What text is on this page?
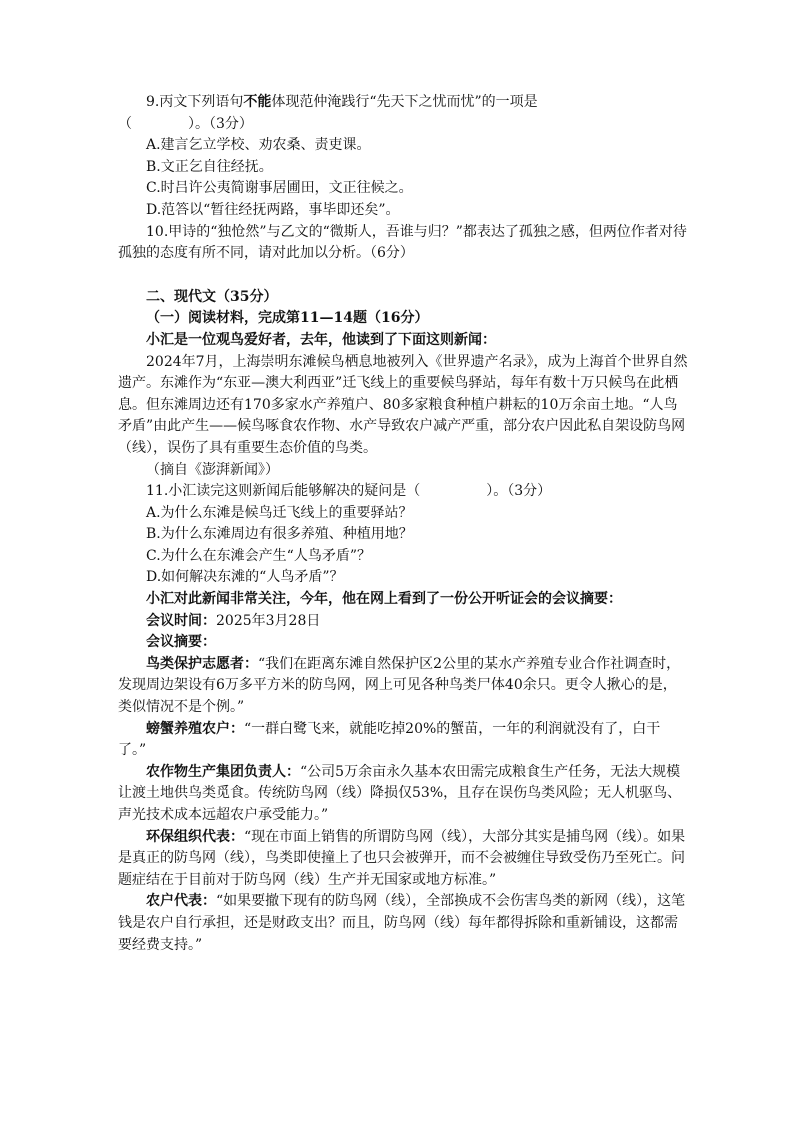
9.丙文下列语句不能体现范仲淹践行“先天下之忧而忧”的一项是

（	）。（3分）

A.建言乞立学校、劝农桑、责吏课。

B.文正乞自往经抚。

C.时吕许公夷简谢事居圃田，文正往候之。

D.范答以“暂往经抚两路，事毕即还矣”。

10.甲诗的“独怆然”与乙文的“微斯人，吾谁与归？”都表达了孤独之感，但两位作者对待孤独的态度有所不同，请对此加以分析。（6分）

二、现代文（35分）

（一）阅读材料，完成第11—14题（16分）

小汇是一位观鸟爱好者，去年，他读到了下面这则新闻：

2024年7月，上海崇明东滩候鸟栖息地被列入《世界遗产名录》，成为上海首个世界自然遗产。东滩作为“东亚—澳大利西亚”迁飞线上的重要候鸟驿站，每年有数十万只候鸟在此栖息。但东滩周边还有170多家水产养殖户、80多家粮食种植户耕耘的10万余亩土地。“人鸟矛盾”由此产生——候鸟啄食农作物、水产导致农户减产严重，部分农户因此私自架设防鸟网（线），误伤了具有重要生态价值的鸟类。

（摘自《澎湃新闻》）

11.小汇读完这则新闻后能够解决的疑问是（	）。（3分）

A.为什么东滩是候鸟迁飞线上的重要驿站？

B.为什么东滩周边有很多养殖、种植用地？

C.为什么在东滩会产生“人鸟矛盾”？

D.如何解决东滩的“人鸟矛盾”？

小汇对此新闻非常关注，今年，他在网上看到了一份公开听证会的会议摘要：

会议时间：2025年3月28日

会议摘要：

鸟类保护志愿者：“我们在距离东滩自然保护区2公里的某水产养殖专业合作社调查时，发现周边架设有6万多平方米的防鸟网，网上可见各种鸟类尸体40余只。更令人揪心的是，类似情况不是个例。”

螃蟹养殖农户：“一群白鹭飞来，就能吃掉20%的蟹苗，一年的利润就没有了，白干了。”

农作物生产集团负责人：“公司5万余亩永久基本农田需完成粮食生产任务，无法大规模让渡土地供鸟类觅食。传统防鸟网（线）降损仅53%，且存在误伤鸟类风险；无人机驱鸟、声光技术成本远超农户承受能力。”

环保组织代表：“现在市面上销售的所谓防鸟网（线），大部分其实是捕鸟网（线）。如果是真正的防鸟网（线），鸟类即使撞上了也只会被弹开，而不会被缠住导致受伤乃至死亡。问题症结在于目前对于防鸟网（线）生产并无国家或地方标准。”

农户代表：“如果要撤下现有的防鸟网（线），全部换成不会伤害鸟类的新网（线），这笔钱是农户自行承担，还是财政支出？而且，防鸟网（线）每年都得拆除和重新铺设，这都需要经费支持。”
